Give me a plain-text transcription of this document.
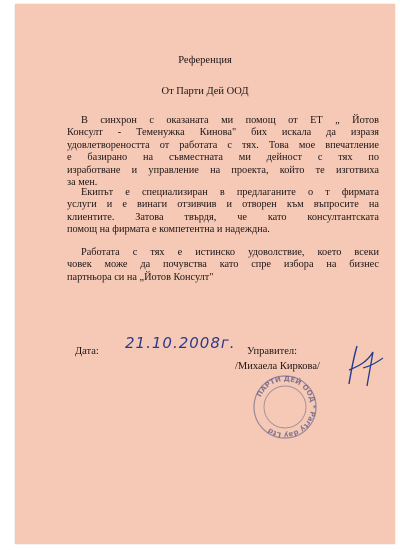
Референция
От Парти Дей ООД
В синхрон с оказаната ми помощ от ЕТ „ Йотов
Консулт - Теменужка Кинова" бих искала да изразя
удовлетвореността от работата с тях. Това мое впечатление
е базирано на съвместната ми дейност с тях по
изработване и управление на проекта, който те изготвиха
за мен.
Екипът е специализиран в предлаганите о т фирмата
услуги и е винаги отзивчив и отворен към въпросите на
клиентите. Затова твърдя, че като консултантската
помощ на фирмата е компетентна и надеждна.
Работата с тях е истинско удоволствие, което всеки
човек може да почувства като спре избора на бизнес
партньора си на „Йотов Консулт"
Дата: 21.10.2008г. Управител:
/Михаела Киркова/
ПАРТИ ДЕЙ ООД * Party day Ltd
